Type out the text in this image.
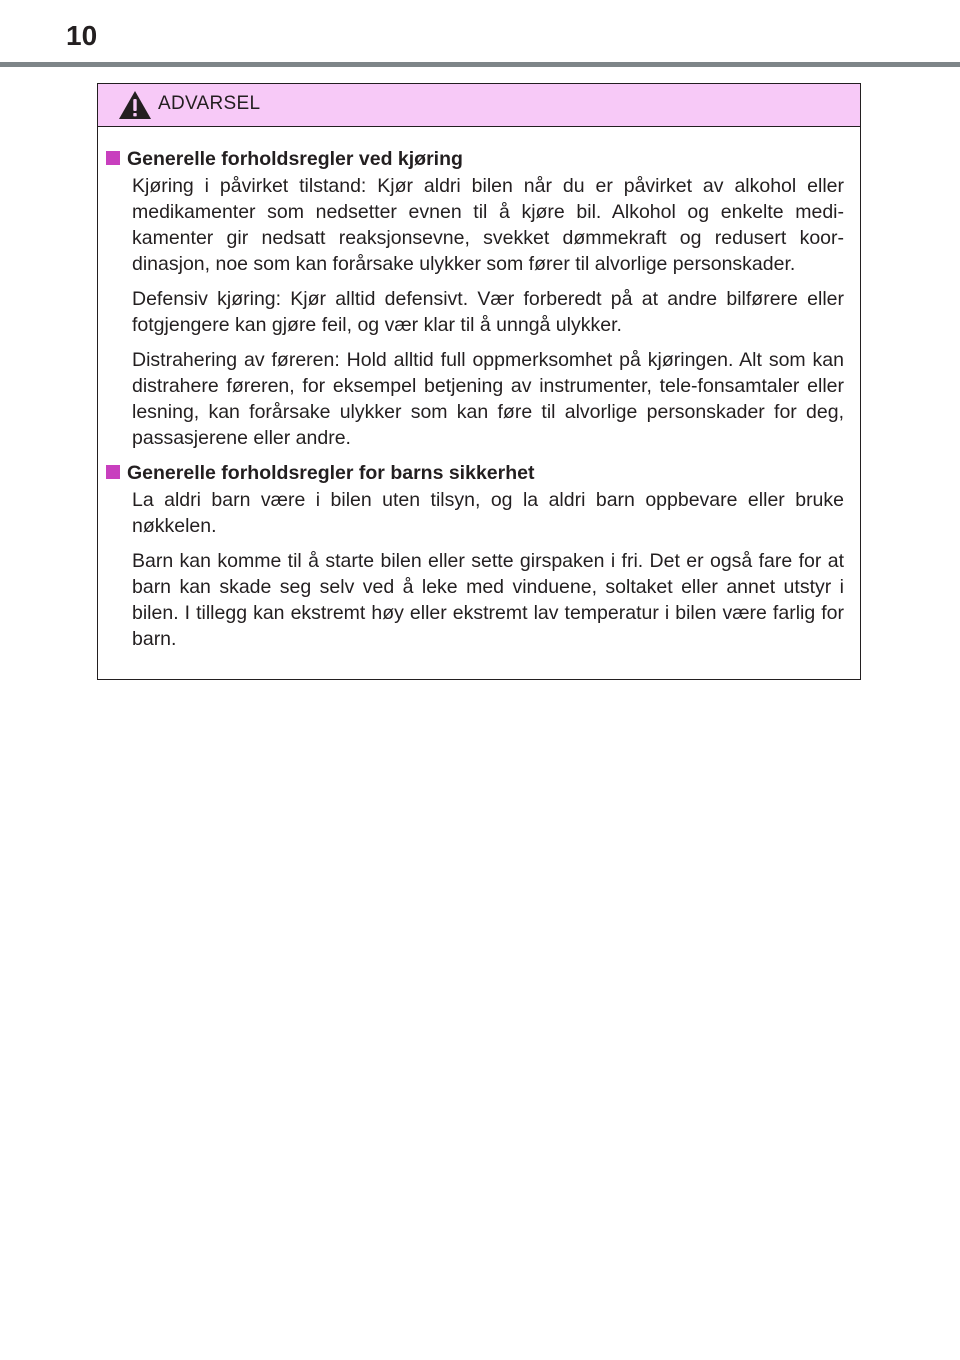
10
ADVARSEL
Generelle forholdsregler ved kjøring

Kjøring i påvirket tilstand: Kjør aldri bilen når du er påvirket av alkohol eller medikamenter som nedsetter evnen til å kjøre bil. Alkohol og enkelte medi-kamenter gir nedsatt reaksjonsevne, svekket dømmekraft og redusert koor-dinasjon, noe som kan forårsake ulykker som fører til alvorlige personskader.

Defensiv kjøring: Kjør alltid defensivt. Vær forberedt på at andre bilførere eller fotgjengere kan gjøre feil, og vær klar til å unngå ulykker.

Distrahering av føreren: Hold alltid full oppmerksomhet på kjøringen. Alt som kan distrahere føreren, for eksempel betjening av instrumenter, tele-fonsamtaler eller lesning, kan forårsake ulykker som kan føre til alvorlige personskader for deg, passasjerene eller andre.

Generelle forholdsregler for barns sikkerhet

La aldri barn være i bilen uten tilsyn, og la aldri barn oppbevare eller bruke nøkkelen.

Barn kan komme til å starte bilen eller sette girspaken i fri. Det er også fare for at barn kan skade seg selv ved å leke med vinduene, soltaket eller annet utstyr i bilen. I tillegg kan ekstremt høy eller ekstremt lav temperatur i bilen være farlig for barn.
